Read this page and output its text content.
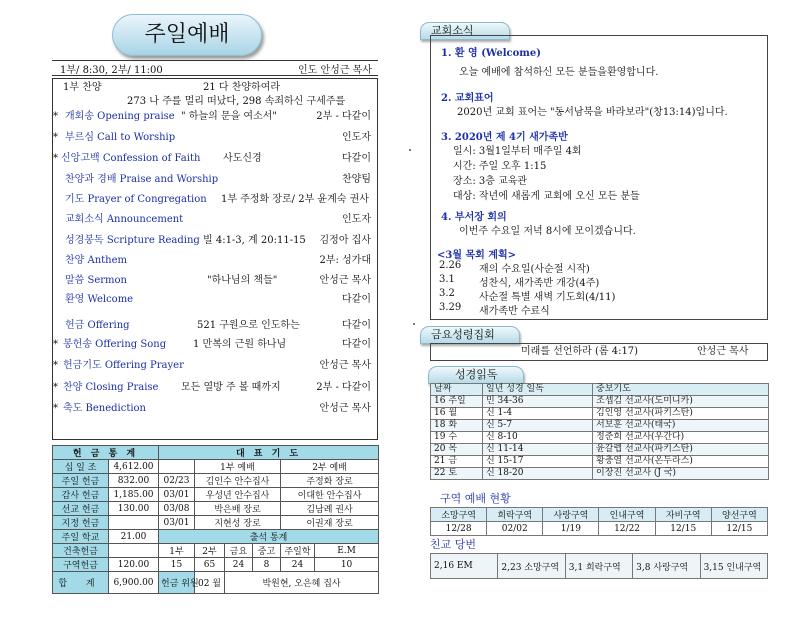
주일예배
1부/ 8:30, 2부/ 11:00	인도 안성근 목사
1부 찬양	21 다 찬양하여라
273 나 주를 멀리 떠났다, 298 속죄하신 구세주를
* 개회송 Opening praise " 하늘의 문을 여소서"	2부 - 다같이
* 부르심 Call to Worship	인도자
* 신앙고백 Confession of Faith 사도신경	다같이
찬양과 경배 Praise and Worship	찬양팀
기도 Prayer of Congregation 1부 주정화 장로/ 2부 윤계숙 권사
교회소식 Announcement	인도자
성경봉독 Scripture Reading 빌 4:1-3, 계 20:11-15 김정아 집사
찬양 Anthem	2부: 성가대
말씀 Sermon	"하나님의 책들"	안성근 목사
환영 Welcome	다같이
헌금 Offering	521 구원으로 인도하는	다같이
* 봉헌송 Offering Song	1 만복의 근원 하나님	다같이
* 헌금기도 Offering Prayer	안성근 목사
* 찬양 Closing Praise 모든 열방 주 볼 때까지	2부 - 다같이
* 축도 Benediction	안성근 목사
헌 금 통 계		대 표 기 도					
십 일 조	4,612.00		1부 예배			2부 예배	
주일 헌금	832.00	02/23	김인수 안수집사			주정화 장로	
감사 헌금	1,185.00	03/01	우성년 안수집사			이대한 안수집사	
선교 헌금	130.00	03/08	박은배 장로			김남례 권사	
지정 헌금		03/01	지현성 장로			이권재 장로	
주일 학교	21.00	출석 통계					
건축헌금		1부	2부	금요	중고	주일학	E.M
구역헌금	120.00	15	65	24	8	24	10
합 계	6,900.00	헌금 위원	02 월	박원현, 오은혜 집사			
교회소식
1. 환 영 (Welcome)
오늘 예배에 참석하신 모든 분들을환영합니다.
2. 교회표어
2020년 교회 표어는 "동서남북을 바라보라"(창13:14)입니다.
3. 2020년 제 4기 새가족반
일시: 3월1일부터 매주일 4회
시간: 주일 오후 1:15
장소: 3층 교육관
대상: 작년에 새롭게 교회에 오신 모든 분들
4. 부서장 회의
이번주 수요일 저녁 8시에 모이겠습니다.
<3월 목회 계획>
2.26 재의 수요일(사순절 시작)
3.1 성찬식, 새가족반 개강(4주)
3.2 사순절 특별 새벽 기도회(4/11)
3.29 새가족반 수료식
금요성령집회
미래를 선언하라 (롬 4:17)	안성근 목사
성경읽독
날짜	일년 성경 일독	중보기도
16 주일	민 34-36	조셉김 선교사(도미니카)
16 월	신 1-4	김인영 선교사(파키스탄)
18 화	신 5-7	서보훈 선교사(태국)
19 수	신 8-10	정준희 선교사(우간다)
20 목	신 11-14	윤갈렙 선교사(파키스탄)
21 금	신 15-17	황충열 선교사(온두라스)
22 토	신 18-20	이장진 선교사 (J 국)
구역 예배 현황
소망구역	희락구역	사랑구역	인내구역	자비구역	양선구역
12/28	02/02	1/19	12/22	12/15	12/15
친교 당번
2,16 EM	2,23 소망구역	3,1 희락구역	3,8 사랑구역	3,15 인내구역
